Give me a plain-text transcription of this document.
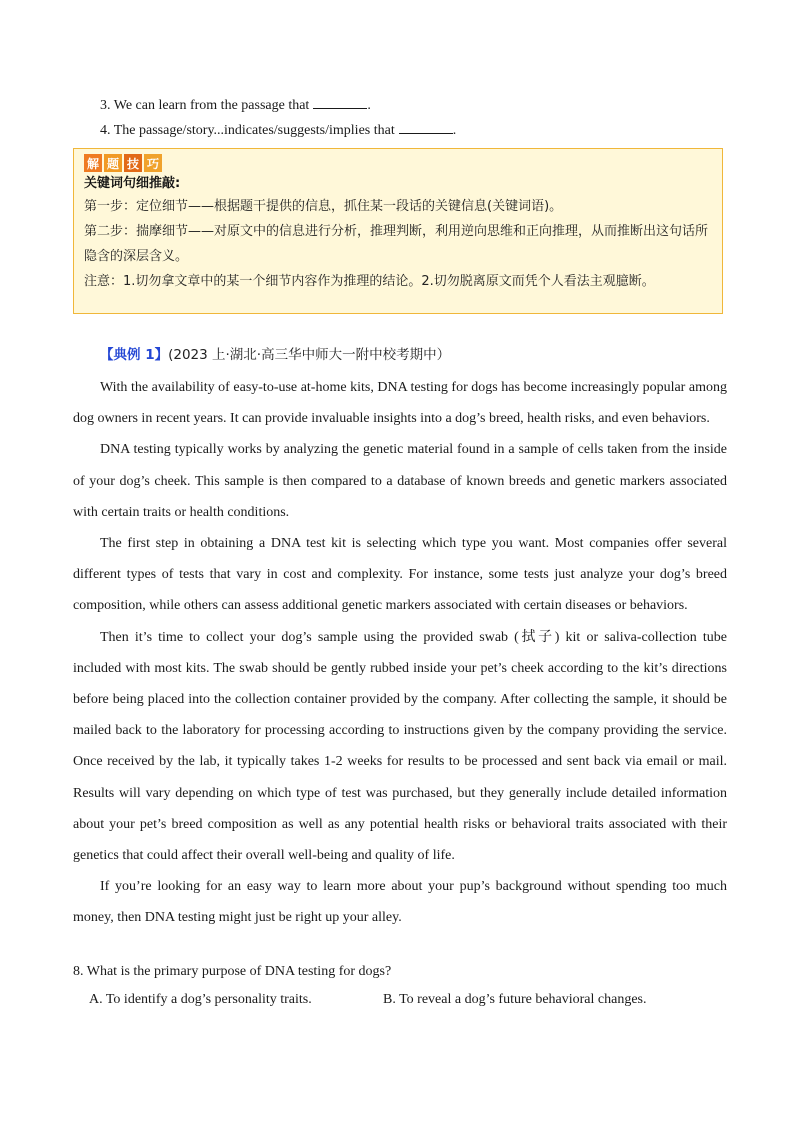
3. We can learn from the passage that	.
4. The passage/story...indicates/suggests/implies that	.
解 题 技 巧
关键词句细推敲:
第一步：定位细节——根据题干提供的信息，抓住某一段话的关键信息(关键词语)。
第二步：揣摩细节——对原文中的信息进行分析，推理判断，利用逆向思维和正向推理，从而推断出这句话所隐含的深层含义。
注意：1.切勿拿文章中的某一个细节内容作为推理的结论。2.切勿脱离原文而凭个人看法主观臆断。
【典例 1】(2023 上·湖北·高三华中师大一附中校考期中）

With the availability of easy-to-use at-home kits, DNA testing for dogs has become increasingly popular among dog owners in recent years. It can provide invaluable insights into a dog’s breed, health risks, and even behaviors.

DNA testing typically works by analyzing the genetic material found in a sample of cells taken from the inside of your dog’s cheek. This sample is then compared to a database of known breeds and genetic markers associated with certain traits or health conditions.

The first step in obtaining a DNA test kit is selecting which type you want. Most companies offer several different types of tests that vary in cost and complexity. For instance, some tests just analyze your dog’s breed composition, while others can assess additional genetic markers associated with certain diseases or behaviors.

Then it’s time to collect your dog’s sample using the provided swab (拭子) kit or saliva-collection tube included with most kits. The swab should be gently rubbed inside your pet’s cheek according to the kit’s directions before being placed into the collection container provided by the company. After collecting the sample, it should be mailed back to the laboratory for processing according to instructions given by the company providing the service. Once received by the lab, it typically takes 1-2 weeks for results to be processed and sent back via email or mail. Results will vary depending on which type of test was purchased, but they generally include detailed information about your pet’s breed composition as well as any potential health risks or behavioral traits associated with their genetics that could affect their overall well-being and quality of life.

If you’re looking for an easy way to learn more about your pup’s background without spending too much money, then DNA testing might just be right up your alley.

8. What is the primary purpose of DNA testing for dogs?
A. To identify a dog’s personality traits.	B. To reveal a dog’s future behavioral changes.
